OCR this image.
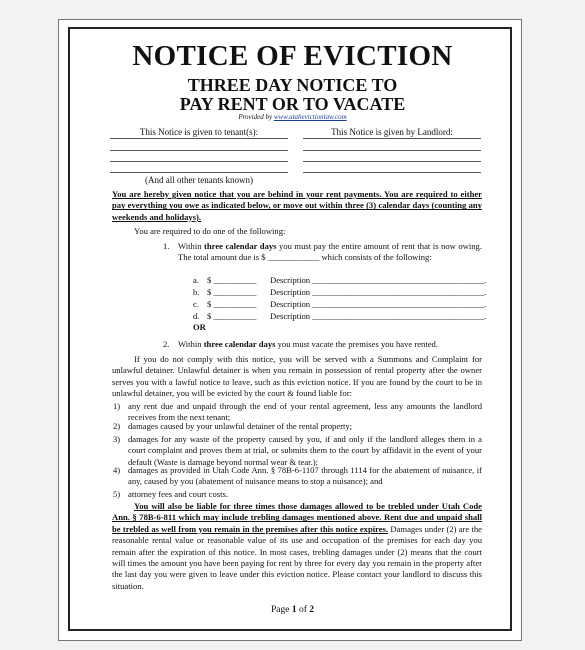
NOTICE OF EVICTION
THREE DAY NOTICE TO
PAY RENT OR TO VACATE
Provided by www.utahevictionlaw.com
This Notice is given to tenant(s):	This Notice is given by Landlord:
(And all other tenants known)
You are hereby given notice that you are behind in your rent payments. You are required to either pay everything you owe as indicated below, or move out within three (3) calendar days (counting any weekends and holidays).
You are required to do one of the following:
1. Within three calendar days you must pay the entire amount of rent that is now owing. The total amount due is $ ____________ which consists of the following:
a. $ __________ Description ________________________________________.
b. $ __________ Description ________________________________________.
c. $ __________ Description ________________________________________.
d. $ __________ Description ________________________________________.
OR
2. Within three calendar days you must vacate the premises you have rented.
If you do not comply with this notice, you will be served with a Summons and Complaint for unlawful detainer. Unlawful detainer is when you remain in possession of rental property after the owner serves you with a lawful notice to leave, such as this eviction notice. If you are found by the court to be in unlawful detainer, you will be evicted by the court & found liable for:
1) any rent due and unpaid through the end of your rental agreement, less any amounts the landlord receives from the next tenant;
2) damages caused by your unlawful detainer of the rental property;
3) damages for any waste of the property caused by you, if and only if the landlord alleges them in a court complaint and proves them at trial, or submits them to the court by affidavit in the event of your default (Waste is damage beyond normal wear & tear.);
4) damages as provided in Utah Code Ann. § 78B-6-1107 through 1114 for the abatement of nuisance, if any, caused by you (abatement of nuisance means to stop a nuisance); and
5) attorney fees and court costs.
You will also be liable for three times those damages allowed to be trebled under Utah Code Ann. § 78B-6-811 which may include trebling damages mentioned above. Rent due and unpaid shall be trebled as well from you remain in the premises after this notice expires. Damages under (2) are the reasonable rental value or reasonable value of its use and occupation of the premises for each day you remain after the expiration of this notice. In most cases, trebling damages under (2) means that the court will times the amount you have been paying for rent by three for every day you remain in the property after the last day you were given to leave under this eviction notice. Please contact your landlord to discuss this situation.
Page 1 of 2
